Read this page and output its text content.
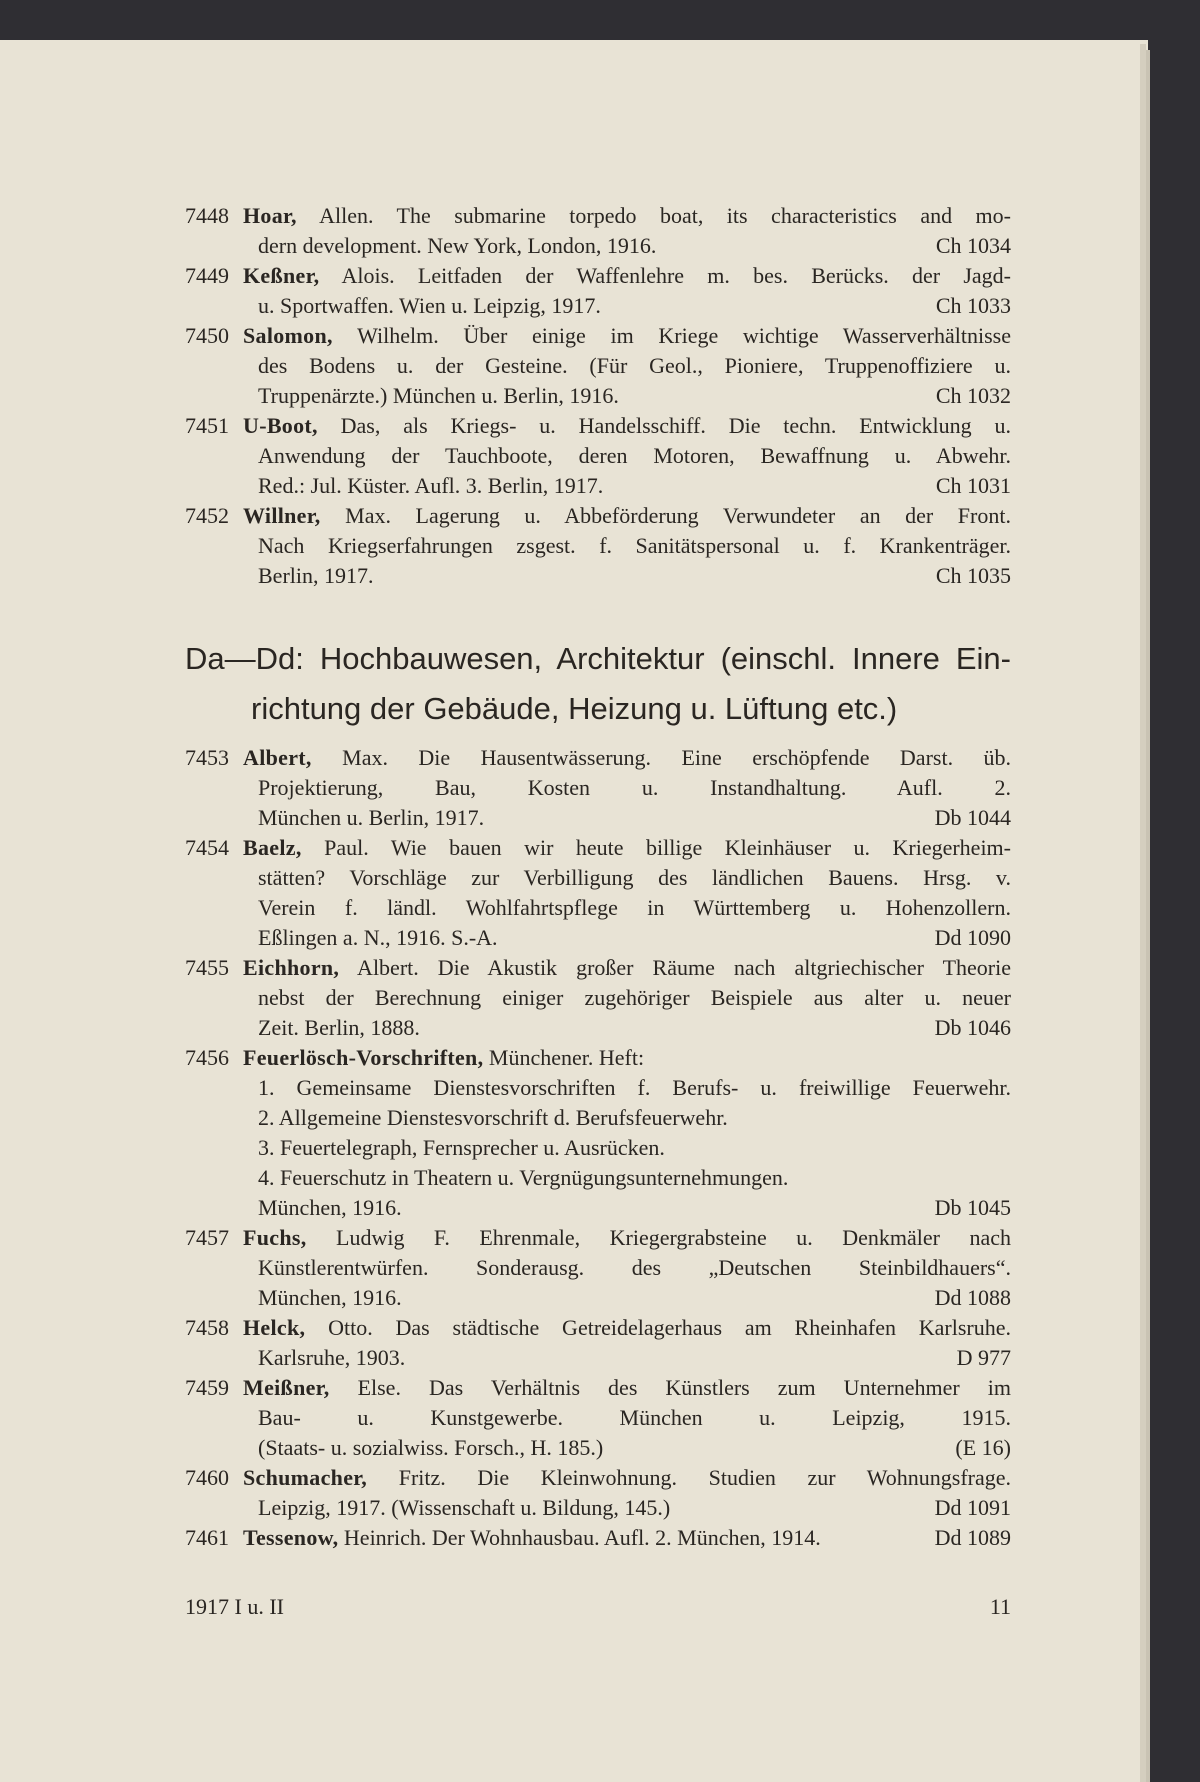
7448 Hoar, Allen. The submarine torpedo boat, its characteristics and mo-
dern development. New York, London, 1916.	Ch 1034
7449 Keßner, Alois. Leitfaden der Waffenlehre m. bes. Berücks. der Jagd-
u. Sportwaffen. Wien u. Leipzig, 1917.	Ch 1033
7450 Salomon, Wilhelm. Über einige im Kriege wichtige Wasserverhältnisse
des Bodens u. der Gesteine. (Für Geol., Pioniere, Truppenoffiziere u.
Truppenärzte.) München u. Berlin, 1916.	Ch 1032
7451 U-Boot, Das, als Kriegs- u. Handelsschiff. Die techn. Entwicklung u.
Anwendung der Tauchboote, deren Motoren, Bewaffnung u. Abwehr.
Red.: Jul. Küster. Aufl. 3. Berlin, 1917.	Ch 1031
7452 Willner, Max. Lagerung u. Abbeförderung Verwundeter an der Front.
Nach Kriegserfahrungen zsgest. f. Sanitätspersonal u. f. Krankenträger.
Berlin, 1917.	Ch 1035
Da—Dd: Hochbauwesen, Architektur (einschl. Innere Ein-
richtung der Gebäude, Heizung u. Lüftung etc.)
7453 Albert, Max. Die Hausentwässerung. Eine erschöpfende Darst. üb.
Projektierung, Bau, Kosten u. Instandhaltung. Aufl. 2.
München u. Berlin, 1917.	Db 1044
7454 Baelz, Paul. Wie bauen wir heute billige Kleinhäuser u. Kriegerheim-
stätten? Vorschläge zur Verbilligung des ländlichen Bauens. Hrsg. v.
Verein f. ländl. Wohlfahrtspflege in Württemberg u. Hohenzollern.
Eßlingen a. N., 1916. S.-A.	Dd 1090
7455 Eichhorn, Albert. Die Akustik großer Räume nach altgriechischer Theorie
nebst der Berechnung einiger zugehöriger Beispiele aus alter u. neuer
Zeit. Berlin, 1888.	Db 1046
7456 Feuerlösch-Vorschriften, Münchener. Heft:
1. Gemeinsame Dienstesvorschriften f. Berufs- u. freiwillige Feuerwehr.
2. Allgemeine Dienstesvorschrift d. Berufsfeuerwehr.
3. Feuertelegraph, Fernsprecher u. Ausrücken.
4. Feuerschutz in Theatern u. Vergnügungsunternehmungen.
München, 1916.	Db 1045
7457 Fuchs, Ludwig F. Ehrenmale, Kriegergrabsteine u. Denkmäler nach
Künstlerentwürfen. Sonderausg. des „Deutschen Steinbildhauers“.
München, 1916.	Dd 1088
7458 Helck, Otto. Das städtische Getreidelagerhaus am Rheinhafen Karlsruhe.
Karlsruhe, 1903.	D 977
7459 Meißner, Else. Das Verhältnis des Künstlers zum Unternehmer im
Bau- u. Kunstgewerbe. München u. Leipzig, 1915.
(Staats- u. sozialwiss. Forsch., H. 185.)	(E 16)
7460 Schumacher, Fritz. Die Kleinwohnung. Studien zur Wohnungsfrage.
Leipzig, 1917. (Wissenschaft u. Bildung, 145.)	Dd 1091
7461 Tessenow, Heinrich. Der Wohnhausbau. Aufl. 2. München, 1914.	Dd 1089
1917 I u. II	11
